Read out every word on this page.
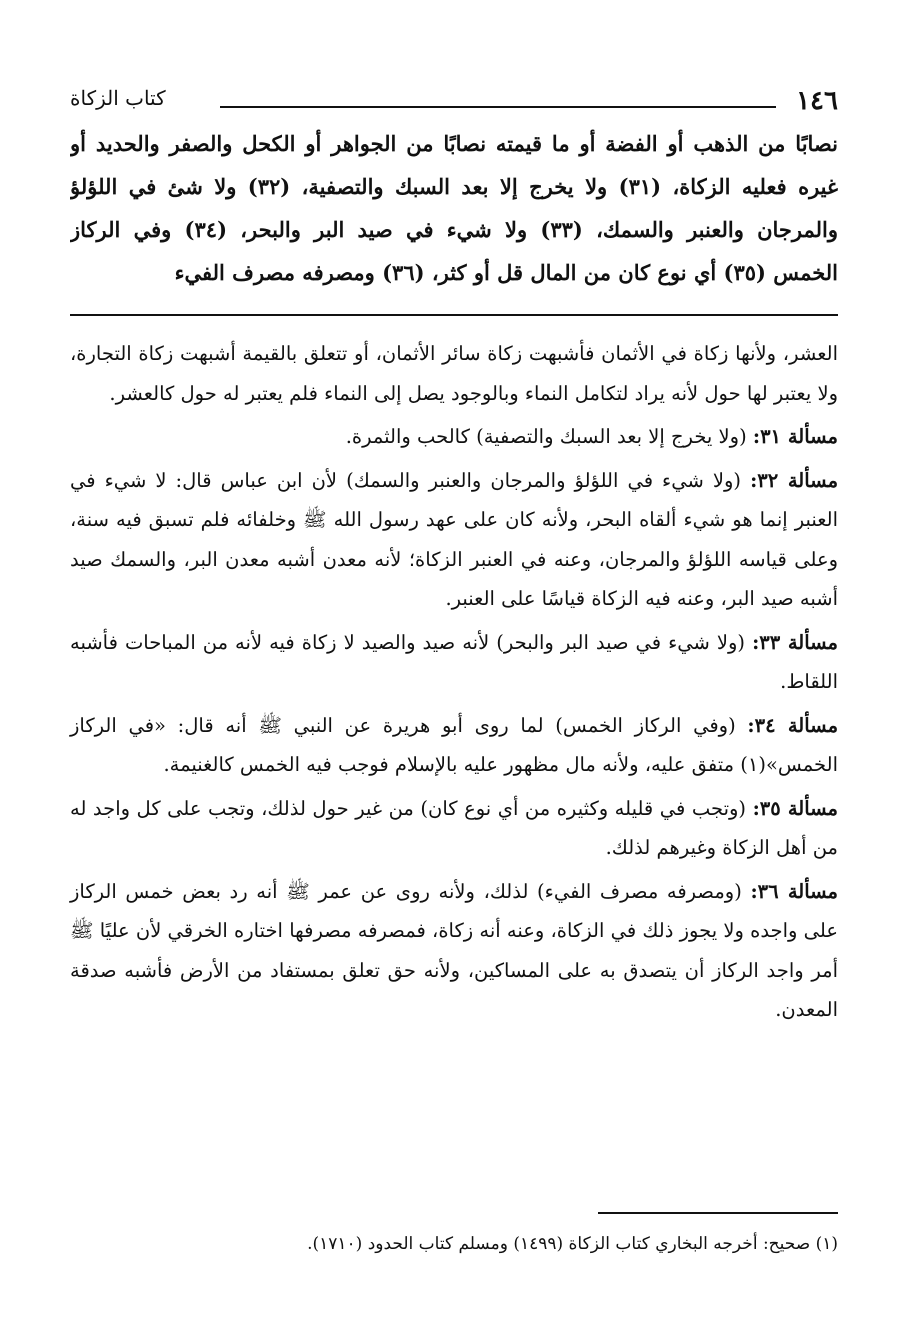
١٤٦
كتاب الزكاة
نصابًا من الذهب أو الفضة أو ما قيمته نصابًا من الجواهر أو الكحل والصفر والحديد أو غيره فعليه الزكاة، (٣١) ولا يخرج إلا بعد السبك والتصفية، (٣٢) ولا شئ في اللؤلؤ والمرجان والعنبر والسمك، (٣٣) ولا شيء في صيد البر والبحر، (٣٤) وفي الركاز الخمس (٣٥) أي نوع كان من المال قل أو كثر، (٣٦) ومصرفه مصرف الفيء

العشر، ولأنها زكاة في الأثمان فأشبهت زكاة سائر الأثمان، أو تتعلق بالقيمة أشبهت زكاة التجارة، ولا يعتبر لها حول لأنه يراد لتكامل النماء وبالوجود يصل إلى النماء فلم يعتبر له حول كالعشر.

مسألة ٣١: (ولا يخرج إلا بعد السبك والتصفية) كالحب والثمرة.

مسألة ٣٢: (ولا شيء في اللؤلؤ والمرجان والعنبر والسمك) لأن ابن عباس قال: لا شيء في العنبر إنما هو شيء ألقاه البحر، ولأنه كان على عهد رسول الله ﷺ وخلفائه فلم تسبق فيه سنة، وعلى قياسه اللؤلؤ والمرجان، وعنه في العنبر الزكاة؛ لأنه معدن أشبه معدن البر، والسمك صيد أشبه صيد البر، وعنه فيه الزكاة قياسًا على العنبر.

مسألة ٣٣: (ولا شيء في صيد البر والبحر) لأنه صيد والصيد لا زكاة فيه لأنه من المباحات فأشبه اللقاط.

مسألة ٣٤: (وفي الركاز الخمس) لما روى أبو هريرة عن النبي ﷺ أنه قال: «في الركاز الخمس»(١) متفق عليه، ولأنه مال مظهور عليه بالإسلام فوجب فيه الخمس كالغنيمة.

مسألة ٣٥: (وتجب في قليله وكثيره من أي نوع كان) من غير حول لذلك، وتجب على كل واجد له من أهل الزكاة وغيرهم لذلك.

مسألة ٣٦: (ومصرفه مصرف الفيء) لذلك، ولأنه روى عن عمر ﷺ أنه رد بعض خمس الركاز على واجده ولا يجوز ذلك في الزكاة، وعنه أنه زكاة، فمصرفه مصرفها اختاره الخرقي لأن عليًا ﷺ أمر واجد الركاز أن يتصدق به على المساكين، ولأنه حق تعلق بمستفاد من الأرض فأشبه صدقة المعدن.

(١) صحيح: أخرجه البخاري كتاب الزكاة (١٤٩٩) ومسلم كتاب الحدود (١٧١٠).
